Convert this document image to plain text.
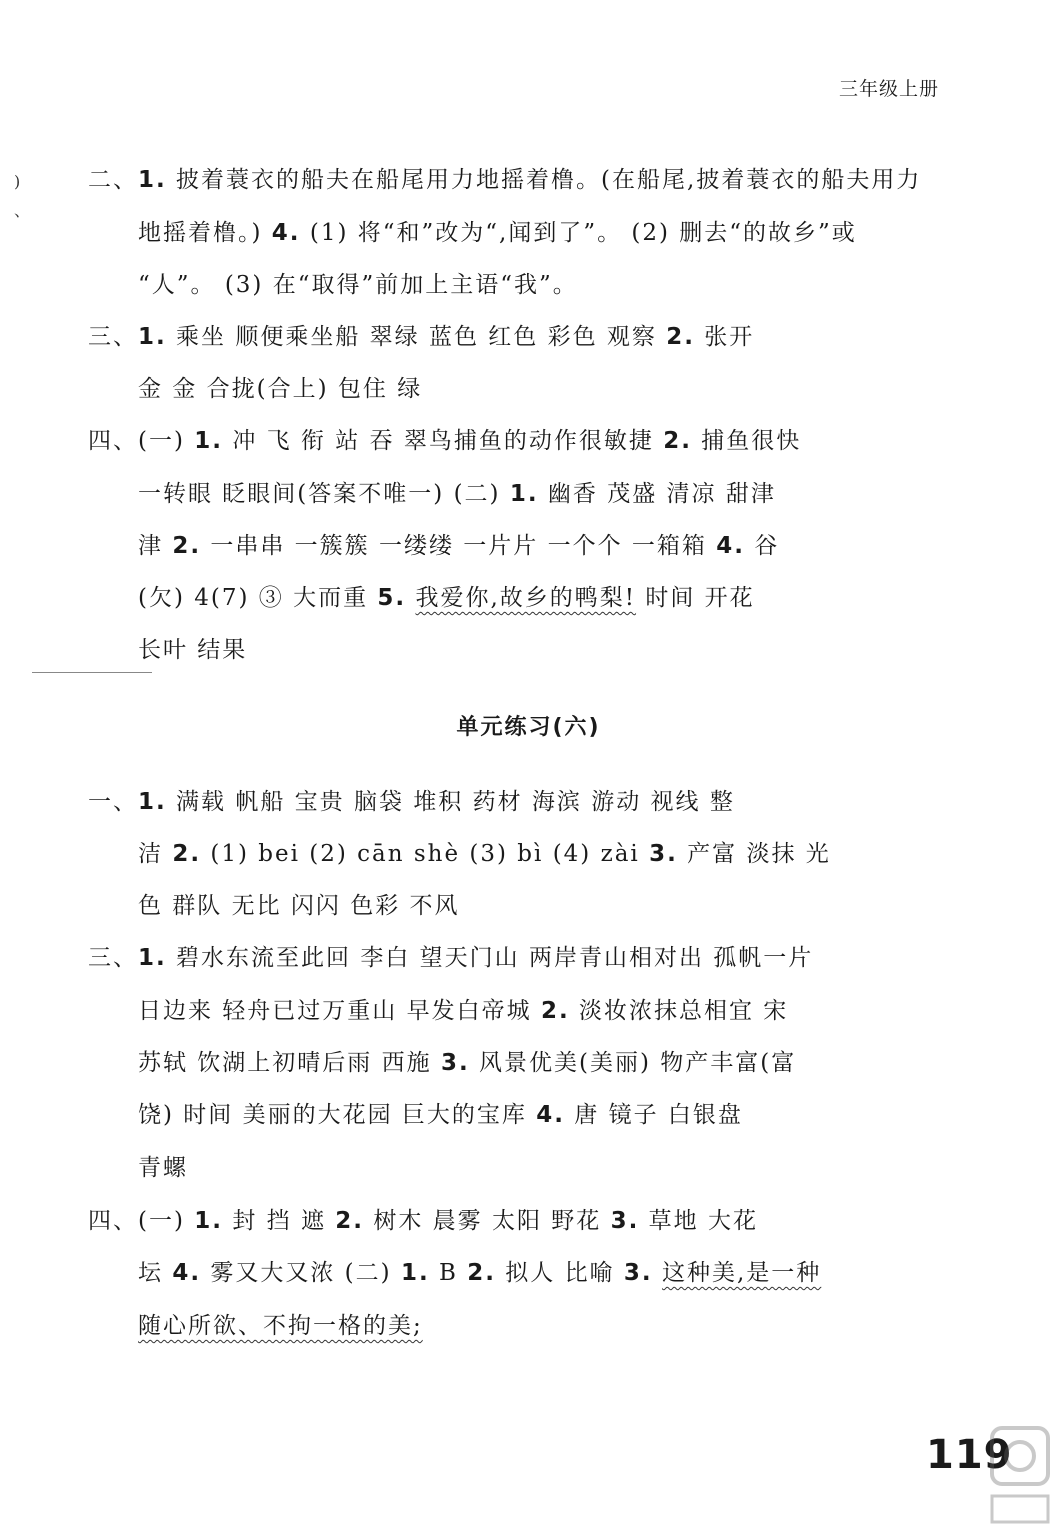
三年级上册
)
、
二、1. 披着蓑衣的船夫在船尾用力地摇着橹。(在船尾,披着蓑衣的船夫用力
地摇着橹。) 4. (1) 将“和”改为“,闻到了”。 (2) 删去“的故乡”或
“人”。 (3) 在“取得”前加上主语“我”。
三、1. 乘坐 顺便乘坐船 翠绿 蓝色 红色 彩色 观察 2. 张开
金 金 合拢(合上) 包住 绿
四、(一) 1. 冲 飞 衔 站 吞 翠鸟捕鱼的动作很敏捷 2. 捕鱼很快
一转眼 眨眼间(答案不唯一) (二) 1. 幽香 茂盛 清凉 甜津
津 2. 一串串 一簇簇 一缕缕 一片片 一个个 一箱箱 4. 谷
(欠) 4(7) ③ 大而重 5. 我爱你,故乡的鸭梨! 时间 开花
长叶 结果
单元练习(六)
一、1. 满载 帆船 宝贵 脑袋 堆积 药材 海滨 游动 视线 整
洁 2. (1) bei (2) cān shè (3) bì (4) zài 3. 产富 淡抹 光
色 群队 无比 闪闪 色彩 不风
三、1. 碧水东流至此回 李白 望天门山 两岸青山相对出 孤帆一片
日边来 轻舟已过万重山 早发白帝城 2. 淡妆浓抹总相宜 宋
苏轼 饮湖上初晴后雨 西施 3. 风景优美(美丽) 物产丰富(富
饶) 时间 美丽的大花园 巨大的宝库 4. 唐 镜子 白银盘
青螺
四、(一) 1. 封 挡 遮 2. 树木 晨雾 太阳 野花 3. 草地 大花
坛 4. 雾又大又浓 (二) 1. B 2. 拟人 比喻 3. 这种美,是一种
随心所欲、不拘一格的美;
119
